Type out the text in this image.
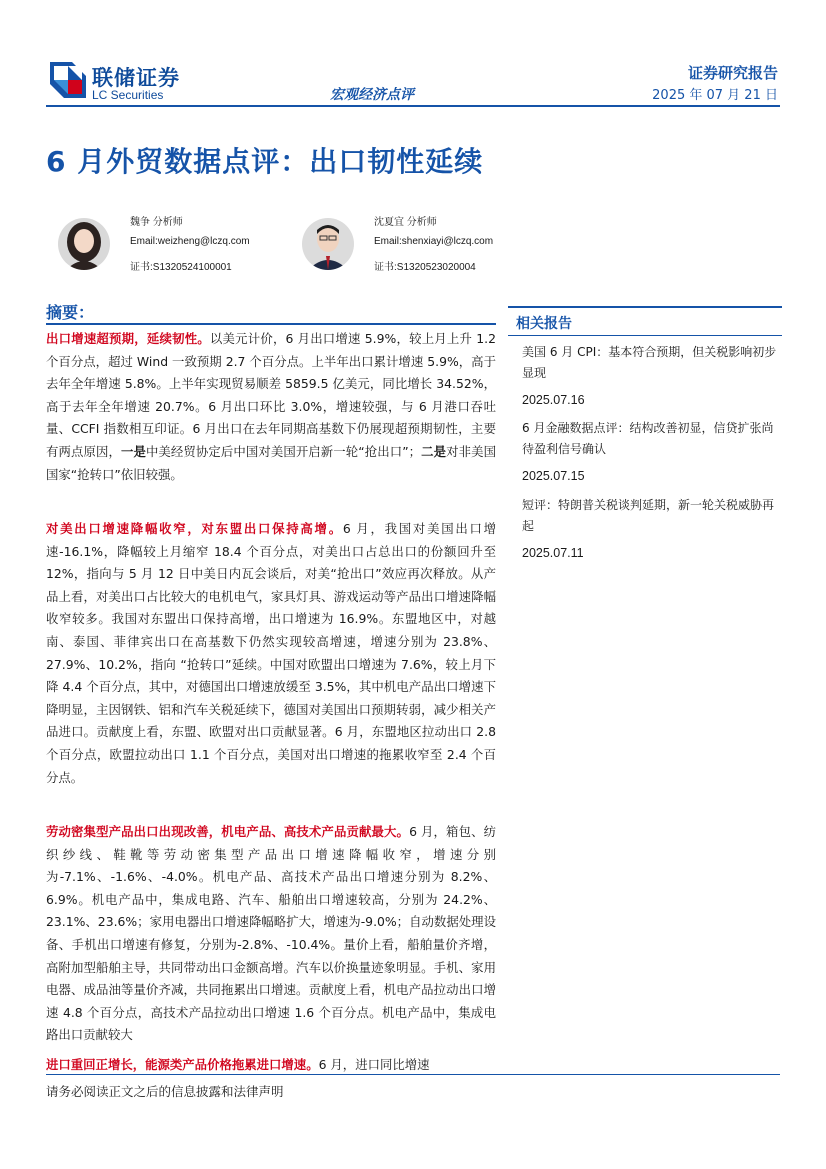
联储证券
LC Securities
证券研究报告
宏观经济点评	2025 年 07 月 21 日
6 月外贸数据点评：出口韧性延续
魏争 分析师
Email:weizheng@lczq.com
证书:S1320524100001
沈夏宜 分析师
Email:shenxiayi@lczq.com
证书:S1320523020004
摘要：
出口增速超预期，延续韧性。以美元计价，6 月出口增速 5.9%，较上月上升 1.2 个百分点，超过 Wind 一致预期 2.7 个百分点。上半年出口累计增速 5.9%，高于去年全年增速 5.8%。上半年实现贸易顺差 5859.5 亿美元，同比增长 34.52%，高于去年全年增速 20.7%。6 月出口环比 3.0%，增速较强，与 6 月港口吞吐量、CCFI 指数相互印证。6 月出口在去年同期高基数下仍展现超预期韧性，主要有两点原因，一是中美经贸协定后中国对美国开启新一轮“抢出口”；二是对非美国国家“抢转口”依旧较强。
对美出口增速降幅收窄，对东盟出口保持高增。6 月，我国对美国出口增速-16.1%，降幅较上月缩窄 18.4 个百分点，对美出口占总出口的份额回升至 12%，指向与 5 月 12 日中美日内瓦会谈后，对美“抢出口”效应再次释放。从产品上看，对美出口占比较大的电机电气，家具灯具、游戏运动等产品出口增速降幅收窄较多。我国对东盟出口保持高增，出口增速为 16.9%。东盟地区中，对越南、泰国、菲律宾出口在高基数下仍然实现较高增速，增速分别为 23.8%、27.9%、10.2%，指向 “抢转口”延续。中国对欧盟出口增速为 7.6%，较上月下降 4.4 个百分点，其中，对德国出口增速放缓至 3.5%，其中机电产品出口增速下降明显，主因钢铁、铝和汽车关税延续下，德国对美国出口预期转弱，减少相关产品进口。贡献度上看，东盟、欧盟对出口贡献显著。6 月，东盟地区拉动出口 2.8 个百分点，欧盟拉动出口 1.1 个百分点，美国对出口增速的拖累收窄至 2.4 个百分点。
劳动密集型产品出口出现改善，机电产品、高技术产品贡献最大。6 月，箱包、纺织纱线、鞋靴等劳动密集型产品出口增速降幅收窄，增速分别为-7.1%、-1.6%、-4.0%。机电产品、高技术产品出口增速分别为 8.2%、6.9%。机电产品中，集成电路、汽车、船舶出口增速较高，分别为 24.2%、23.1%、23.6%；家用电器出口增速降幅略扩大，增速为-9.0%；自动数据处理设备、手机出口增速有修复，分别为-2.8%、-10.4%。量价上看，船舶量价齐增，高附加型船舶主导，共同带动出口金额高增。汽车以价换量迹象明显。手机、家用电器、成品油等量价齐减，共同拖累出口增速。贡献度上看，机电产品拉动出口增速 4.8 个百分点，高技术产品拉动出口增速 1.6 个百分点。机电产品中，集成电路出口贡献较大
进口重回正增长，能源类产品价格拖累进口增速。6 月，进口同比增速
相关报告
美国 6 月 CPI：基本符合预期，但关税影响初步显现
2025.07.16
6 月金融数据点评：结构改善初显，信贷扩张尚待盈利信号确认
2025.07.15
短评：特朗普关税谈判延期，新一轮关税威胁再起
2025.07.11
请务必阅读正文之后的信息披露和法律声明
